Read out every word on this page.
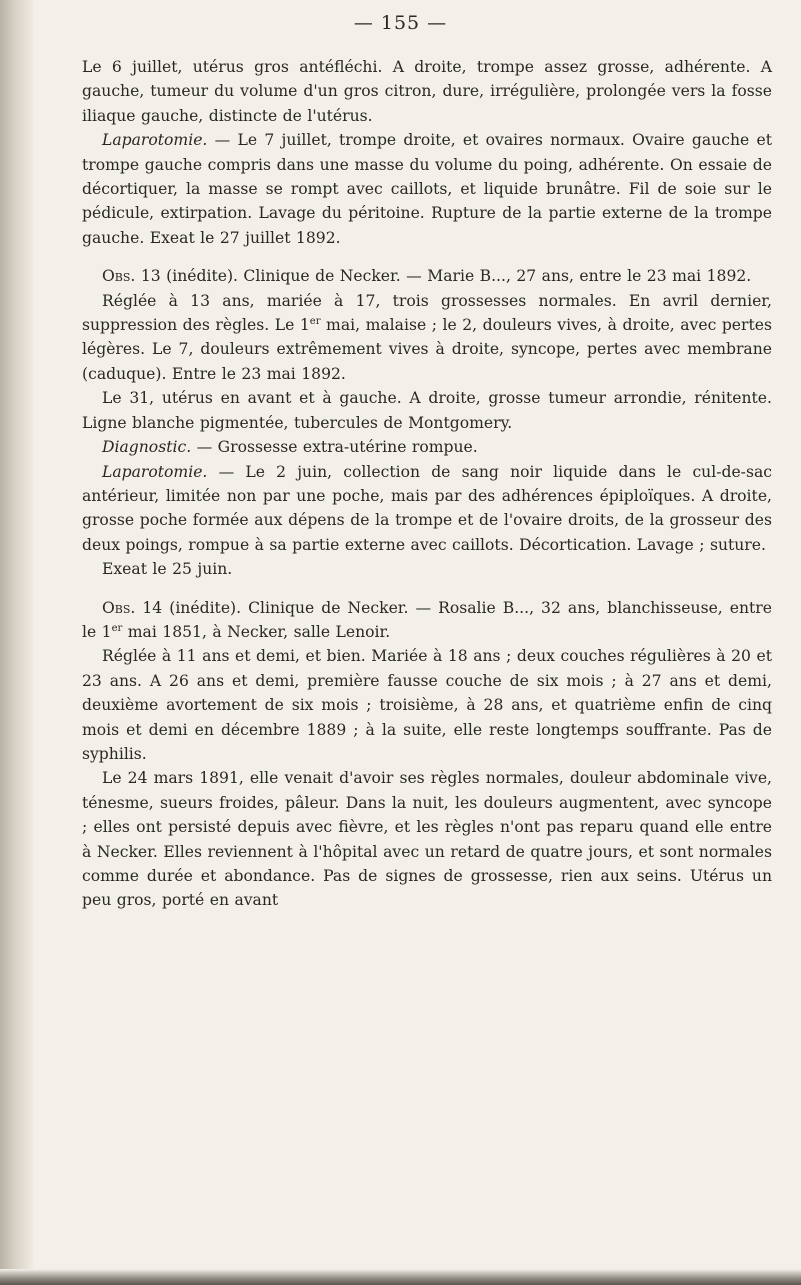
— 155 —

Le 6 juillet, utérus gros antéfléchi. A droite, trompe assez grosse, adhérente. A gauche, tumeur du volume d'un gros citron, dure, irrégulière, prolongée vers la fosse iliaque gauche, distincte de l'utérus.

Laparotomie. — Le 7 juillet, trompe droite, et ovaires normaux. Ovaire gauche et trompe gauche compris dans une masse du volume du poing, adhérente. On essaie de décortiquer, la masse se rompt avec caillots, et liquide brunâtre. Fil de soie sur le pédicule, extirpation. Lavage du péritoine. Rupture de la partie externe de la trompe gauche. Exeat le 27 juillet 1892.

Obs. 13 (inédite). Clinique de Necker. — Marie B..., 27 ans, entre le 23 mai 1892.

Réglée à 13 ans, mariée à 17, trois grossesses normales. En avril dernier, suppression des règles. Le 1er mai, malaise ; le 2, douleurs vives, à droite, avec pertes légères. Le 7, douleurs extrêmement vives à droite, syncope, pertes avec membrane (caduque). Entre le 23 mai 1892.

Le 31, utérus en avant et à gauche. A droite, grosse tumeur arrondie, rénitente. Ligne blanche pigmentée, tubercules de Montgomery.

Diagnostic. — Grossesse extra-utérine rompue.

Laparotomie. — Le 2 juin, collection de sang noir liquide dans le cul-de-sac antérieur, limitée non par une poche, mais par des adhérences épiploïques. A droite, grosse poche formée aux dépens de la trompe et de l'ovaire droits, de la grosseur des deux poings, rompue à sa partie externe avec caillots. Décortication. Lavage ; suture.

Exeat le 25 juin.

Obs. 14 (inédite). Clinique de Necker. — Rosalie B..., 32 ans, blanchisseuse, entre le 1er mai 1851, à Necker, salle Lenoir.

Réglée à 11 ans et demi, et bien. Mariée à 18 ans ; deux couches régulières à 20 et 23 ans. A 26 ans et demi, première fausse couche de six mois ; à 27 ans et demi, deuxième avortement de six mois ; troisième, à 28 ans, et quatrième enfin de cinq mois et demi en décembre 1889 ; à la suite, elle reste longtemps souffrante. Pas de syphilis.

Le 24 mars 1891, elle venait d'avoir ses règles normales, douleur abdominale vive, ténesme, sueurs froides, pâleur. Dans la nuit, les douleurs augmentent, avec syncope ; elles ont persisté depuis avec fièvre, et les règles n'ont pas reparu quand elle entre à Necker. Elles reviennent à l'hôpital avec un retard de quatre jours, et sont normales comme durée et abondance. Pas de signes de grossesse, rien aux seins. Utérus un peu gros, porté en avant
